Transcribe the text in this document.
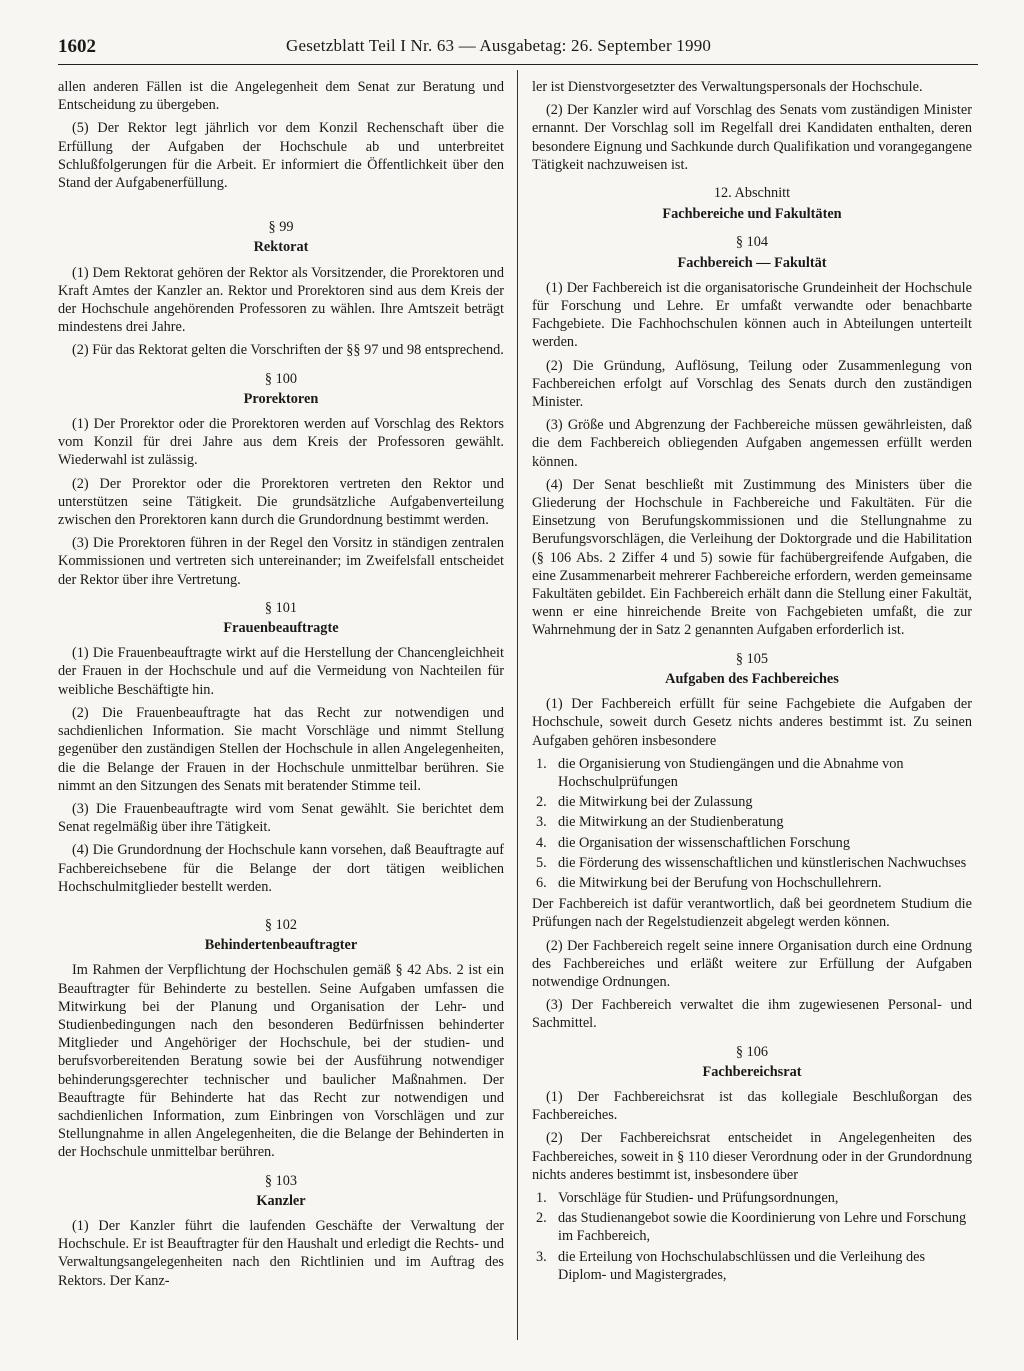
1602	Gesetzblatt Teil I Nr. 63 — Ausgabetag: 26. September 1990

allen anderen Fällen ist die Angelegenheit dem Senat zur Beratung und Entscheidung zu übergeben.

(5) Der Rektor legt jährlich vor dem Konzil Rechenschaft über die Erfüllung der Aufgaben der Hochschule ab und unterbreitet Schlußfolgerungen für die Arbeit. Er informiert die Öffentlichkeit über den Stand der Aufgabenerfüllung.

§ 99
Rektorat

(1) Dem Rektorat gehören der Rektor als Vorsitzender, die Prorektoren und Kraft Amtes der Kanzler an. Rektor und Prorektoren sind aus dem Kreis der der Hochschule angehörenden Professoren zu wählen. Ihre Amtszeit beträgt mindestens drei Jahre.

(2) Für das Rektorat gelten die Vorschriften der §§ 97 und 98 entsprechend.

§ 100
Prorektoren

(1) Der Prorektor oder die Prorektoren werden auf Vorschlag des Rektors vom Konzil für drei Jahre aus dem Kreis der Professoren gewählt. Wiederwahl ist zulässig.

(2) Der Prorektor oder die Prorektoren vertreten den Rektor und unterstützen seine Tätigkeit. Die grundsätzliche Aufgabenverteilung zwischen den Prorektoren kann durch die Grundordnung bestimmt werden.

(3) Die Prorektoren führen in der Regel den Vorsitz in ständigen zentralen Kommissionen und vertreten sich untereinander; im Zweifelsfall entscheidet der Rektor über ihre Vertretung.

§ 101
Frauenbeauftragte

(1) Die Frauenbeauftragte wirkt auf die Herstellung der Chancengleichheit der Frauen in der Hochschule und auf die Vermeidung von Nachteilen für weibliche Beschäftigte hin.

(2) Die Frauenbeauftragte hat das Recht zur notwendigen und sachdienlichen Information. Sie macht Vorschläge und nimmt Stellung gegenüber den zuständigen Stellen der Hochschule in allen Angelegenheiten, die die Belange der Frauen in der Hochschule unmittelbar berühren. Sie nimmt an den Sitzungen des Senats mit beratender Stimme teil.

(3) Die Frauenbeauftragte wird vom Senat gewählt. Sie berichtet dem Senat regelmäßig über ihre Tätigkeit.

(4) Die Grundordnung der Hochschule kann vorsehen, daß Beauftragte auf Fachbereichsebene für die Belange der dort tätigen weiblichen Hochschulmitglieder bestellt werden.

§ 102
Behindertenbeauftragter

Im Rahmen der Verpflichtung der Hochschulen gemäß § 42 Abs. 2 ist ein Beauftragter für Behinderte zu bestellen. Seine Aufgaben umfassen die Mitwirkung bei der Planung und Organisation der Lehr- und Studienbedingungen nach den besonderen Bedürfnissen behinderter Mitglieder und Angehöriger der Hochschule, bei der studien- und berufsvorbereitenden Beratung sowie bei der Ausführung notwendiger behinderungsgerechter technischer und baulicher Maßnahmen. Der Beauftragte für Behinderte hat das Recht zur notwendigen und sachdienlichen Information, zum Einbringen von Vorschlägen und zur Stellungnahme in allen Angelegenheiten, die die Belange der Behinderten in der Hochschule unmittelbar berühren.

§ 103
Kanzler

(1) Der Kanzler führt die laufenden Geschäfte der Verwaltung der Hochschule. Er ist Beauftragter für den Haushalt und erledigt die Rechts- und Verwaltungsangelegenheiten nach den Richtlinien und im Auftrag des Rektors. Der Kanz-

ler ist Dienstvorgesetzter des Verwaltungspersonals der Hochschule.

(2) Der Kanzler wird auf Vorschlag des Senats vom zuständigen Minister ernannt. Der Vorschlag soll im Regelfall drei Kandidaten enthalten, deren besondere Eignung und Sachkunde durch Qualifikation und vorangegangene Tätigkeit nachzuweisen ist.

12. Abschnitt
Fachbereiche und Fakultäten
§ 104
Fachbereich — Fakultät

(1) Der Fachbereich ist die organisatorische Grundeinheit der Hochschule für Forschung und Lehre. Er umfaßt verwandte oder benachbarte Fachgebiete. Die Fachhochschulen können auch in Abteilungen unterteilt werden.

(2) Die Gründung, Auflösung, Teilung oder Zusammenlegung von Fachbereichen erfolgt auf Vorschlag des Senats durch den zuständigen Minister.

(3) Größe und Abgrenzung der Fachbereiche müssen gewährleisten, daß die dem Fachbereich obliegenden Aufgaben angemessen erfüllt werden können.

(4) Der Senat beschließt mit Zustimmung des Ministers über die Gliederung der Hochschule in Fachbereiche und Fakultäten. Für die Einsetzung von Berufungskommissionen und die Stellungnahme zu Berufungsvorschlägen, die Verleihung der Doktorgrade und die Habilitation (§ 106 Abs. 2 Ziffer 4 und 5) sowie für fachübergreifende Aufgaben, die eine Zusammenarbeit mehrerer Fachbereiche erfordern, werden gemeinsame Fakultäten gebildet. Ein Fachbereich erhält dann die Stellung einer Fakultät, wenn er eine hinreichende Breite von Fachgebieten umfaßt, die zur Wahrnehmung der in Satz 2 genannten Aufgaben erforderlich ist.

§ 105
Aufgaben des Fachbereiches

(1) Der Fachbereich erfüllt für seine Fachgebiete die Aufgaben der Hochschule, soweit durch Gesetz nichts anderes bestimmt ist. Zu seinen Aufgaben gehören insbesondere

1. die Organisierung von Studiengängen und die Abnahme von Hochschulprüfungen
2. die Mitwirkung bei der Zulassung
3. die Mitwirkung an der Studienberatung
4. die Organisation der wissenschaftlichen Forschung
5. die Förderung des wissenschaftlichen und künstlerischen Nachwuchses
6. die Mitwirkung bei der Berufung von Hochschullehrern.

Der Fachbereich ist dafür verantwortlich, daß bei geordnetem Studium die Prüfungen nach der Regelstudienzeit abgelegt werden können.

(2) Der Fachbereich regelt seine innere Organisation durch eine Ordnung des Fachbereiches und erläßt weitere zur Erfüllung der Aufgaben notwendige Ordnungen.

(3) Der Fachbereich verwaltet die ihm zugewiesenen Personal- und Sachmittel.

§ 106
Fachbereichsrat

(1) Der Fachbereichsrat ist das kollegiale Beschlußorgan des Fachbereiches.

(2) Der Fachbereichsrat entscheidet in Angelegenheiten des Fachbereiches, soweit in § 110 dieser Verordnung oder in der Grundordnung nichts anderes bestimmt ist, insbesondere über

1. Vorschläge für Studien- und Prüfungsordnungen,
2. das Studienangebot sowie die Koordinierung von Lehre und Forschung im Fachbereich,
3. die Erteilung von Hochschulabschlüssen und die Verleihung des Diplom- und Magistergrades,
